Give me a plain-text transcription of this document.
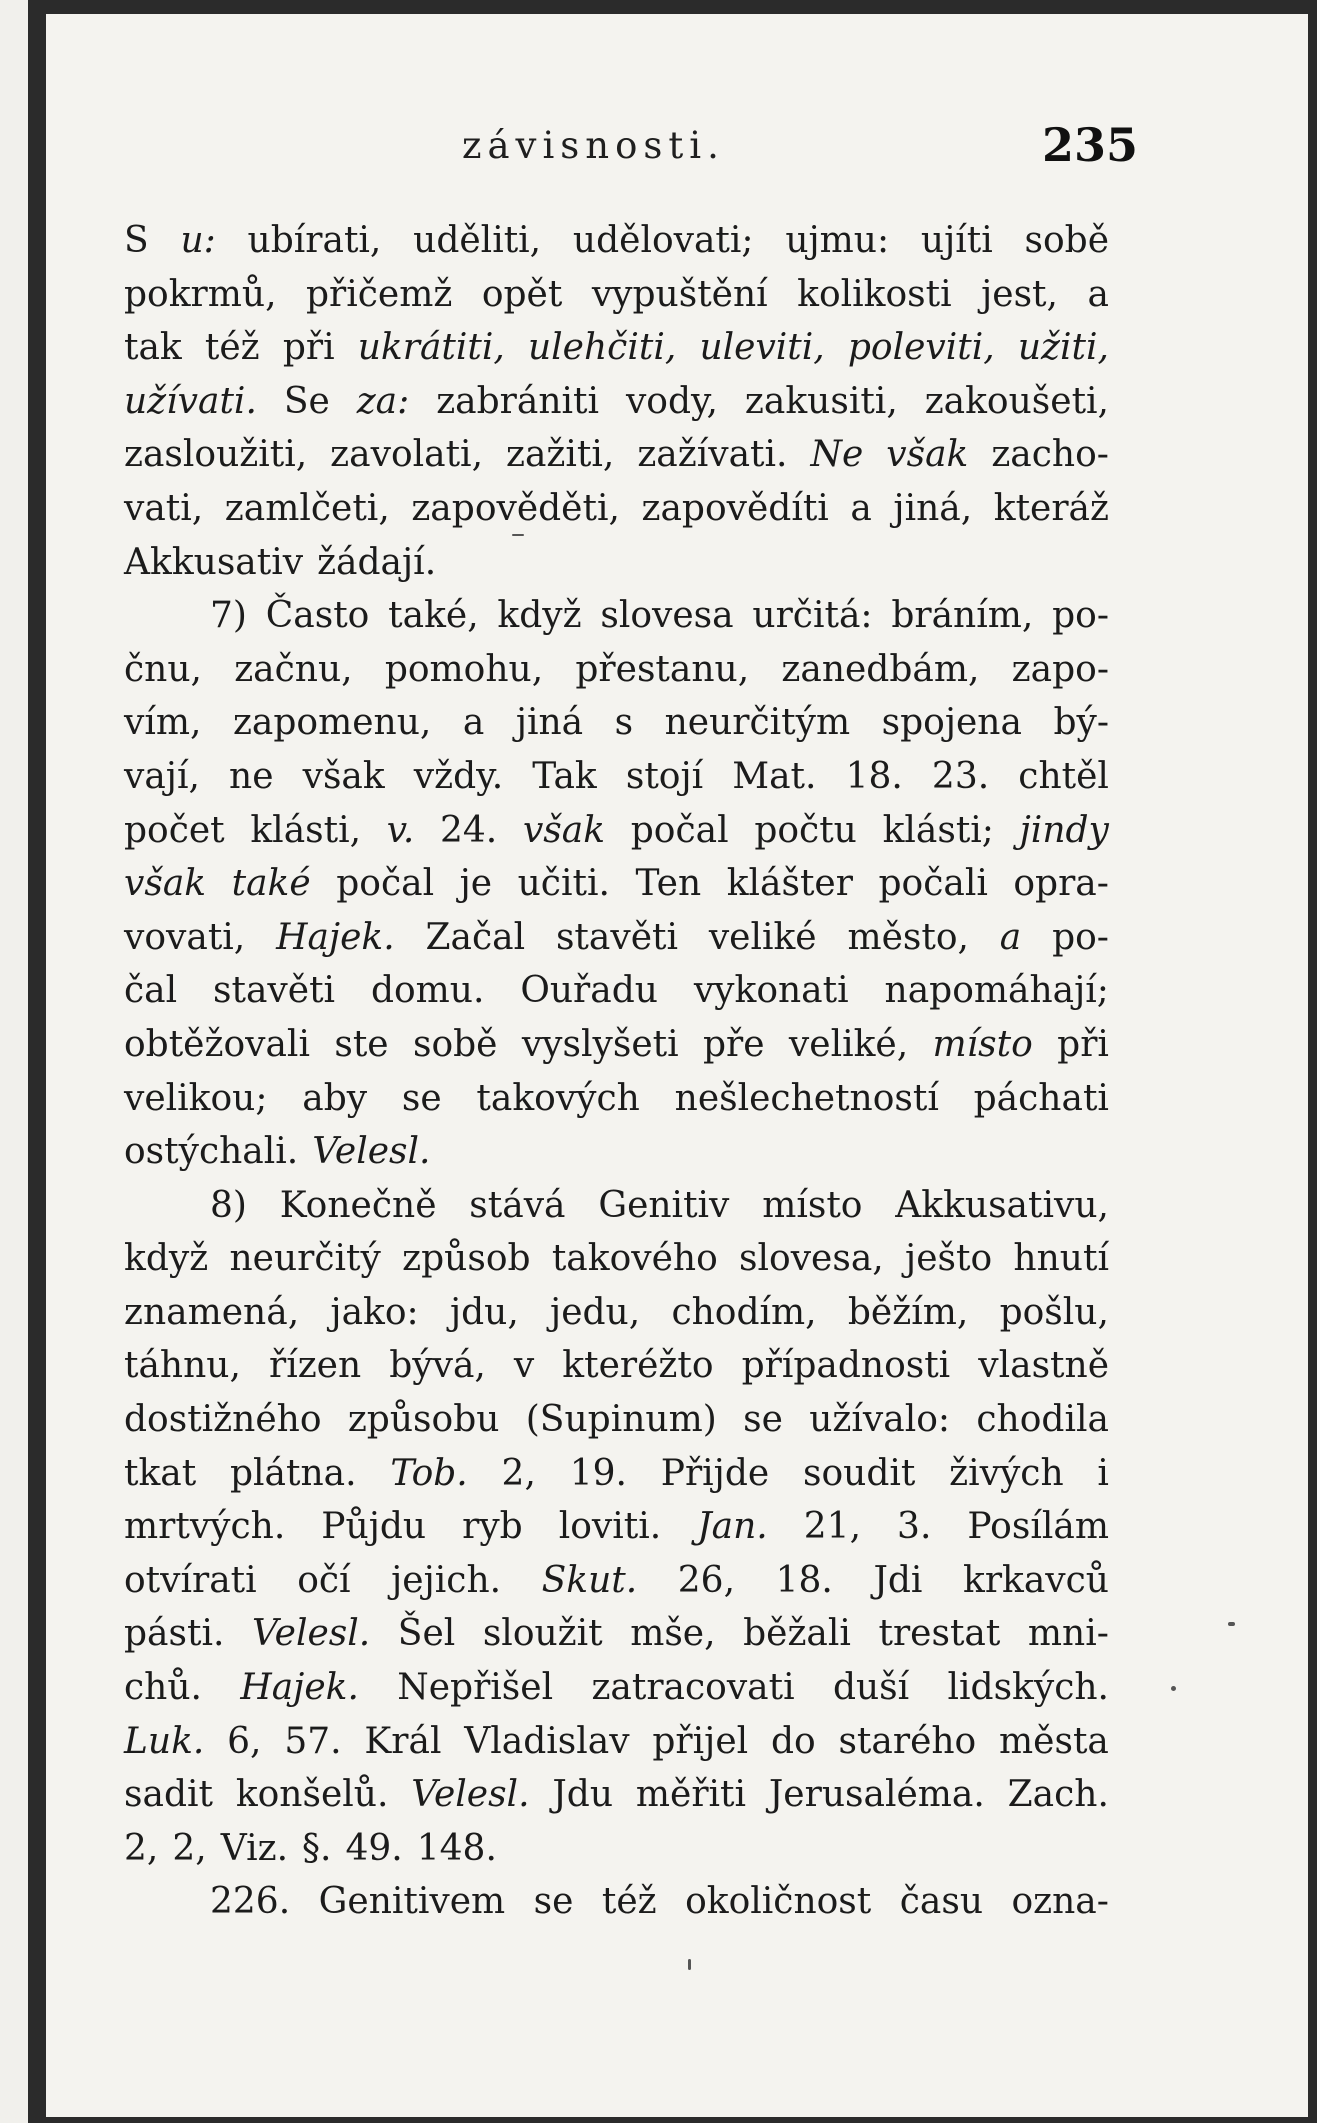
závisnosti.	235
S u: ubírati, uděliti, udělovati; ujmu: ujíti sobě
pokrmů, přičemž opět vypuštění kolikosti jest, a
tak též při ukrátiti, ulehčiti, uleviti, poleviti, užiti,
užívati. Se za: zabrániti vody, zakusiti, zakoušeti,
zasloužiti, zavolati, zažiti, zažívati. Ne však zacho-
vati, zamlčeti, zapověděti, zapovědíti a jiná, kteráž
Akkusativ žádají.
7) Často také, když slovesa určitá: bráním, po-
čnu, začnu, pomohu, přestanu, zanedbám, zapo-
vím, zapomenu, a jiná s neurčitým spojena bý-
vají, ne však vždy. Tak stojí Mat. 18. 23. chtěl
počet klásti, v. 24. však počal počtu klásti; jindy
však také počal je učiti. Ten klášter počali opra-
vovati, Hajek. Začal stavěti veliké město, a po-
čal stavěti domu. Ouřadu vykonati napomáhají;
obtěžovali ste sobě vyslyšeti pře veliké, místo při
velikou; aby se takových nešlechetností páchati
ostýchali. Velesl.
8) Konečně stává Genitiv místo Akkusativu,
když neurčitý způsob takového slovesa, ješto hnutí
znamená, jako: jdu, jedu, chodím, běžím, pošlu,
táhnu, řízen bývá, v kteréžto případnosti vlastně
dostižného způsobu (Supinum) se užívalo: chodila
tkat plátna. Tob. 2, 19. Přijde soudit živých i
mrtvých. Půjdu ryb loviti. Jan. 21, 3. Posílám
otvírati očí jejich. Skut. 26, 18. Jdi krkavců
pásti. Velesl. Šel sloužit mše, běžali trestat mni-
chů. Hajek. Nepřišel zatracovati duší lidských.
Luk. 6, 57. Král Vladislav přijel do starého města
sadit konšelů. Velesl. Jdu měřiti Jerusaléma. Zach.
2, 2, Viz. §. 49. 148.
226. Genitivem se též okoličnost času ozna-
